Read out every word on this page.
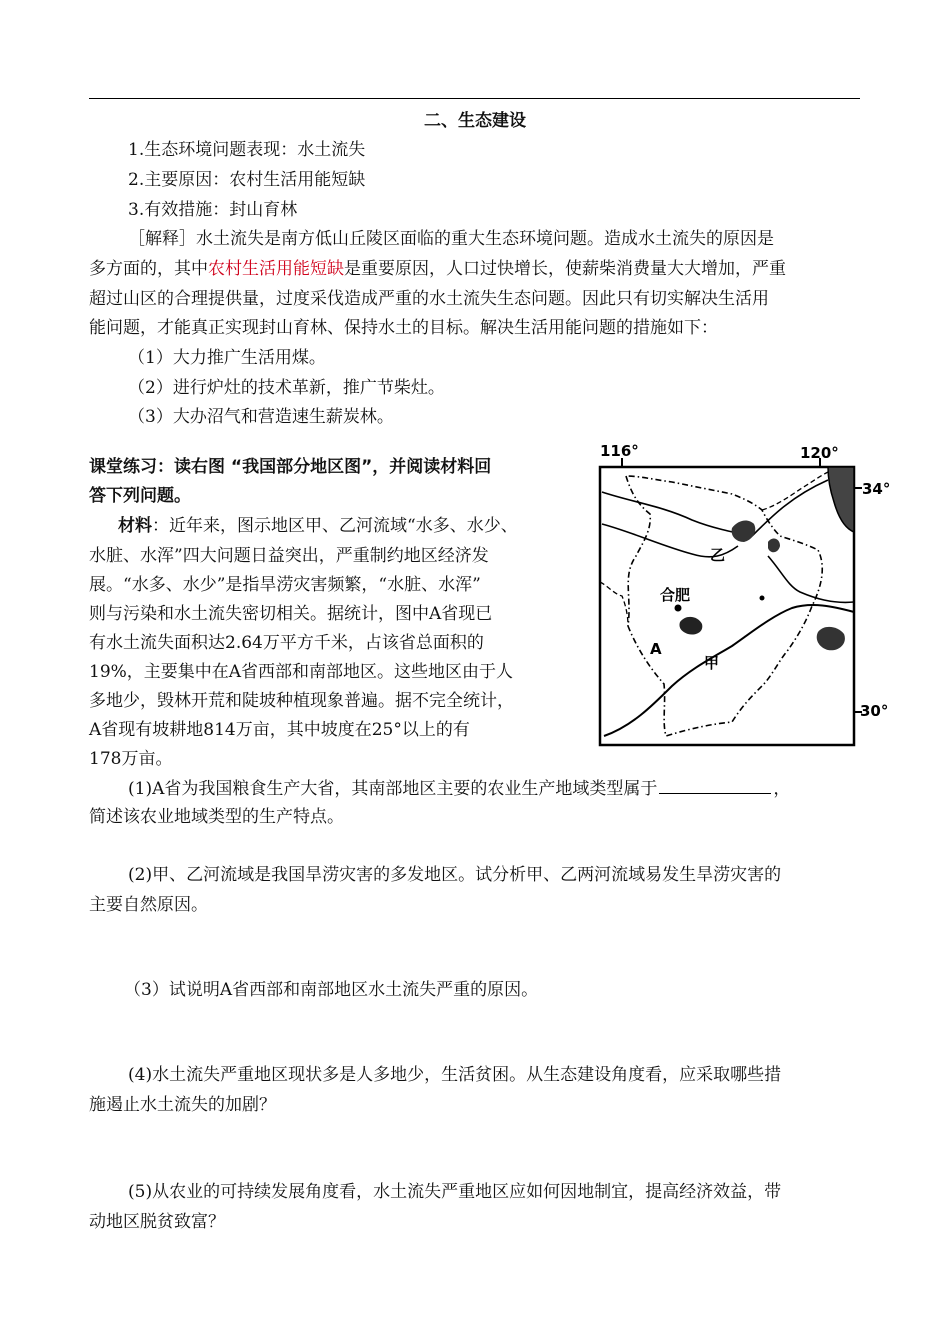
二、生态建设
1.生态环境问题表现：水土流失
2.主要原因：农村生活用能短缺
3.有效措施：封山育林
［解释］水土流失是南方低山丘陵区面临的重大生态环境问题。造成水土流失的原因是
多方面的，其中农村生活用能短缺是重要原因，人口过快增长，使薪柴消费量大大增加，严重
超过山区的合理提供量，过度采伐造成严重的水土流失生态问题。因此只有切实解决生活用
能问题，才能真正实现封山育林、保持水土的目标。解决生活用能问题的措施如下：
（1）大力推广生活用煤。
（2）进行炉灶的技术革新，推广节柴灶。
（3）大办沼气和营造速生薪炭林。
课堂练习：读右图 “我国部分地区图”，并阅读材料回
答下列问题。
材料：近年来，图示地区甲、乙河流域“水多、水少、
水脏、水浑”四大问题日益突出，严重制约地区经济发
展。“水多、水少”是指旱涝灾害频繁，“水脏、水浑”
则与污染和水土流失密切相关。据统计，图中A省现已
有水土流失面积达2.64万平方千米，占该省总面积的
19%，主要集中在A省西部和南部地区。这些地区由于人
多地少，毁林开荒和陡坡种植现象普遍。据不完全统计，
A省现有坡耕地814万亩，其中坡度在25°以上的有
178万亩。
116°	120°
34°
30°
合肥
A
甲
乙
(1)A省为我国粮食生产大省，其南部地区主要的农业生产地域类型属于	，
简述该农业地域类型的生产特点。
(2)甲、乙河流域是我国旱涝灾害的多发地区。试分析甲、乙两河流域易发生旱涝灾害的
主要自然原因。
（3）试说明A省西部和南部地区水土流失严重的原因。
(4)水土流失严重地区现状多是人多地少，生活贫困。从生态建设角度看，应采取哪些措
施遏止水土流失的加剧？
(5)从农业的可持续发展角度看，水土流失严重地区应如何因地制宜，提高经济效益，带
动地区脱贫致富？
